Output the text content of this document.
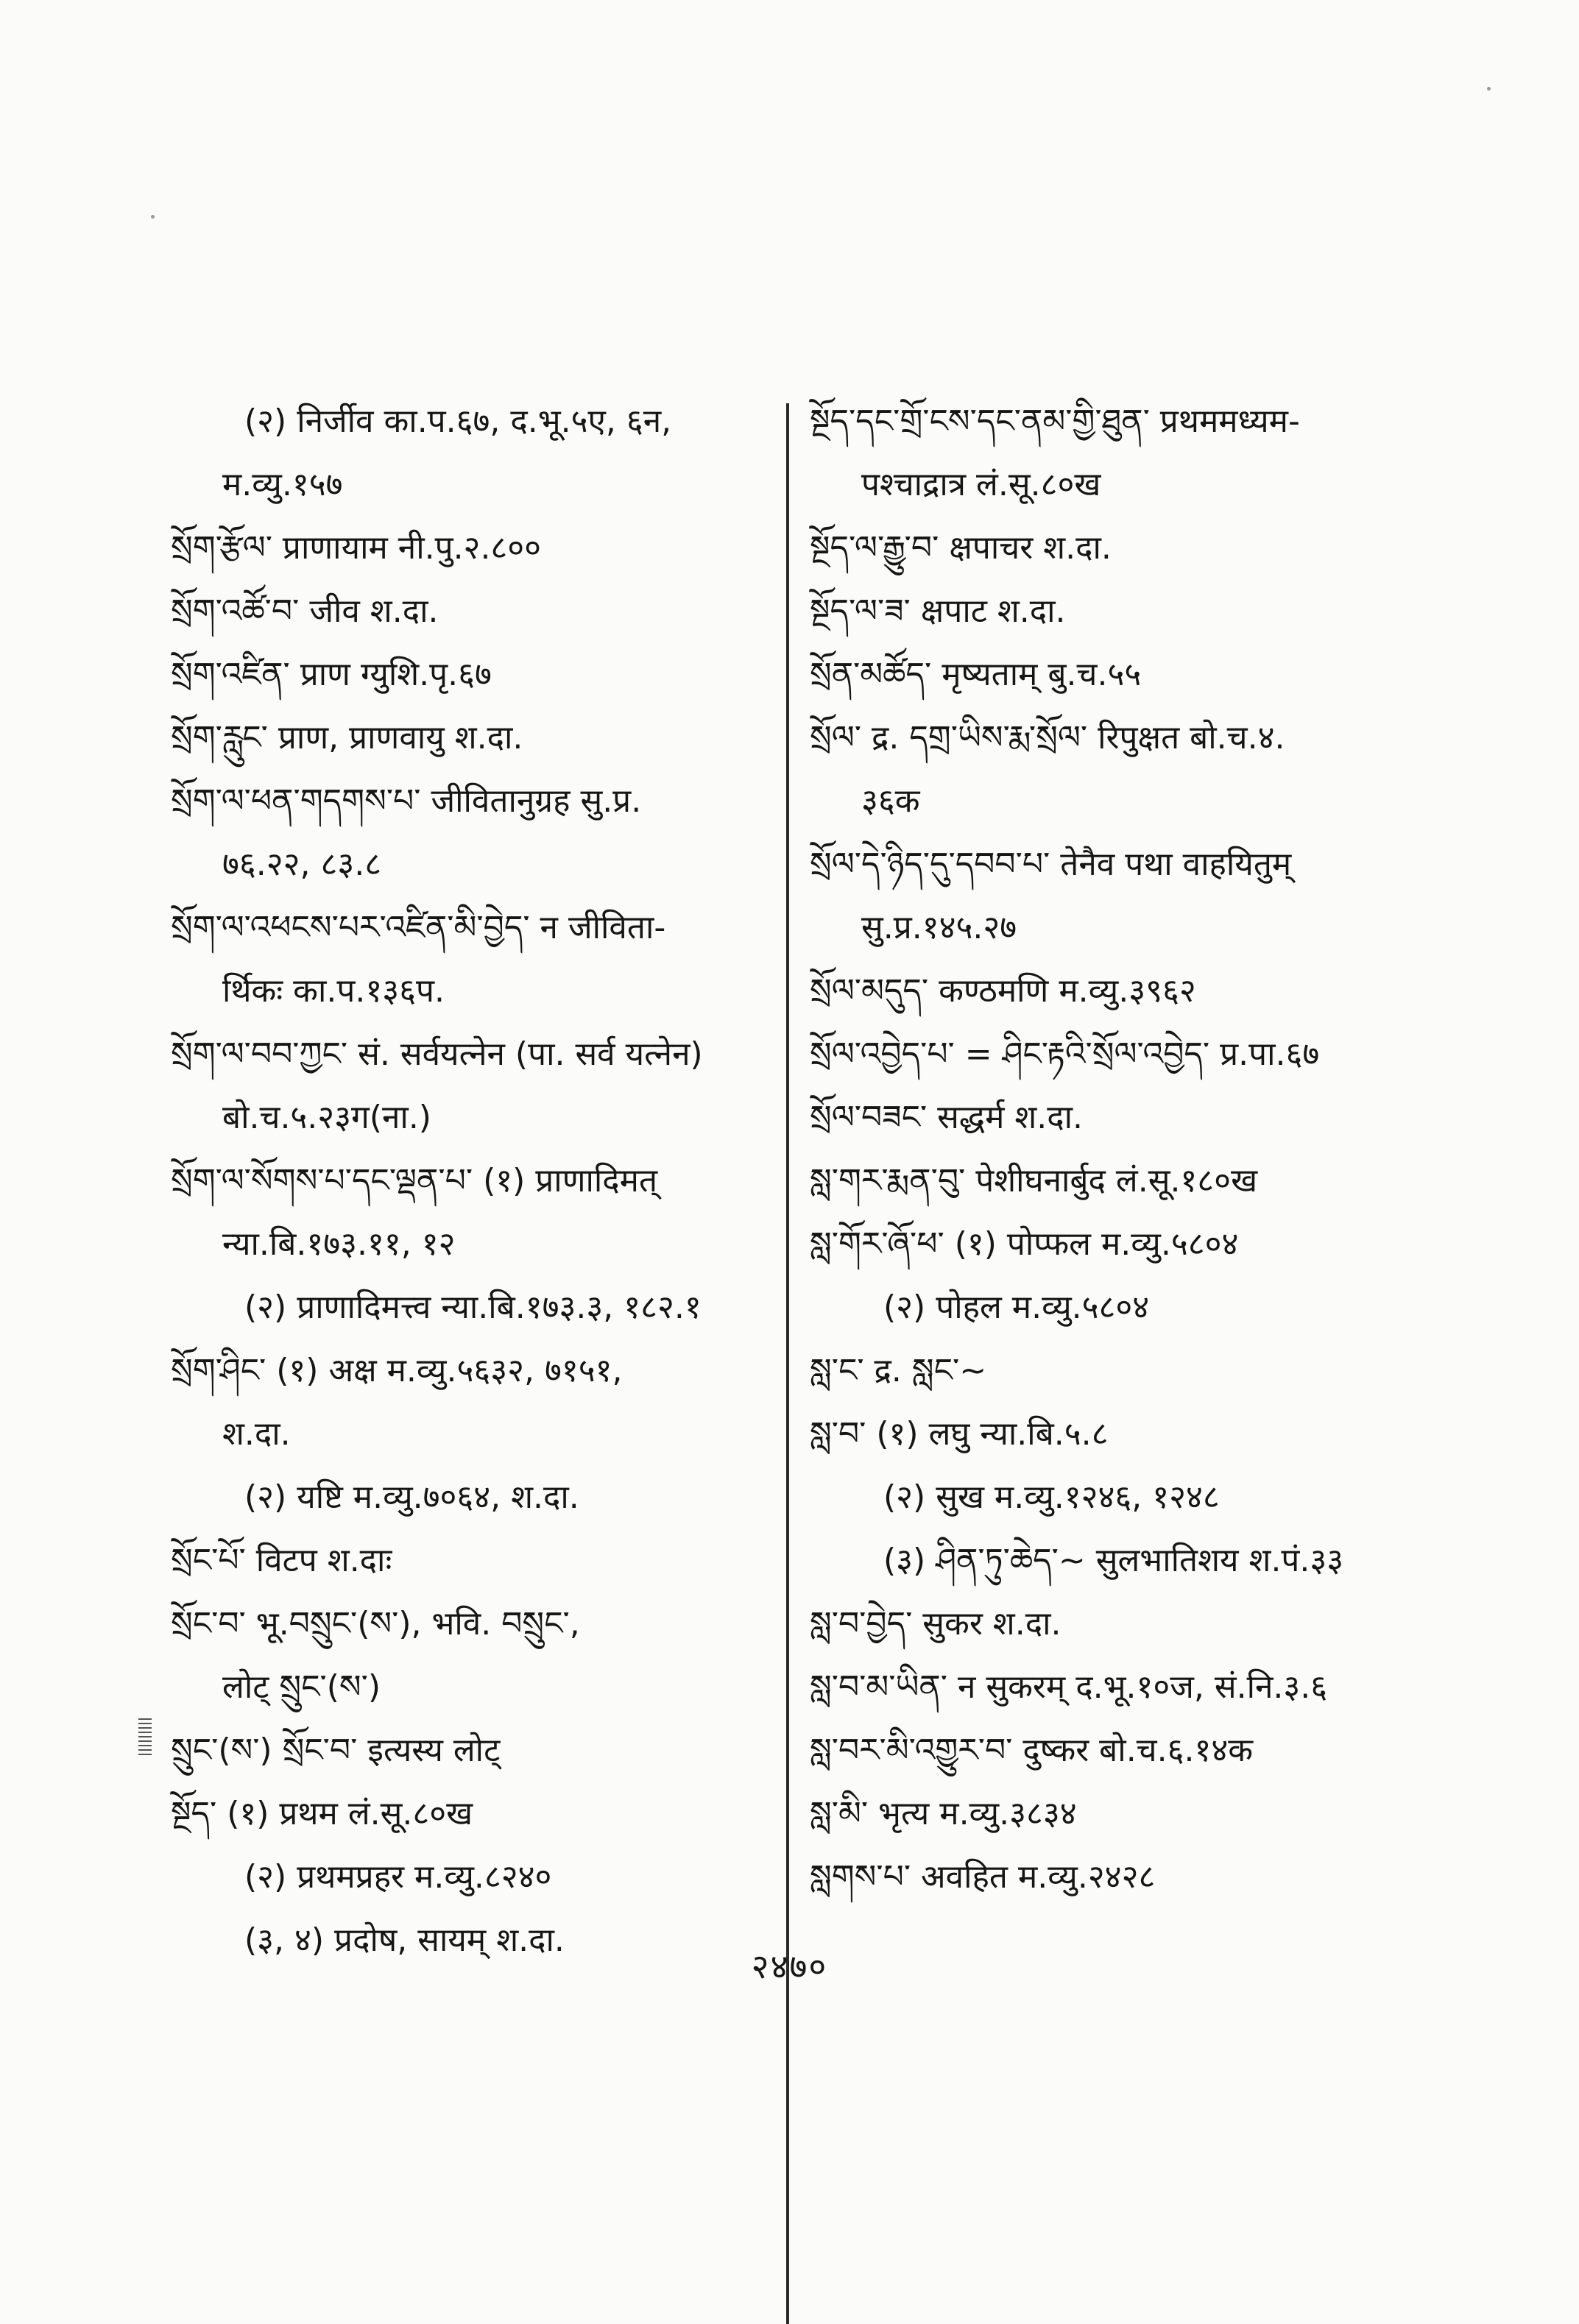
(२) निर्जीव का.प.६७, द.भू.५ए, ६न,
म.व्यु.१५७
སྲོག་རྩོལ་ प्राणायाम नी.पु.२.८००
སྲོག་འཚོ་བ་ जीव श.दा.
སྲོག་འཛིན་ प्राण ग्युशि.पृ.६७
སྲོག་རླུང་ प्राण, प्राणवायु श.दा.
སྲོག་ལ་ཕན་གདགས་པ་ जीवितानुग्रह सु.प्र.
७६.२२, ८३.८
སྲོག་ལ་འཕངས་པར་འཛིན་མི་བྱེད་ न जीविता-
र्थिकः का.प.१३६प.
སྲོག་ལ་བབ་ཀྱང་ सं. सर्वयत्नेन (पा. सर्व यत्नेन)
बो.च.५.२३ग(ना.)
སྲོག་ལ་སོགས་པ་དང་ལྡན་པ་ (१) प्राणादिमत्
न्या.बि.१७३.११, १२
(२) प्राणादिमत्त्व न्या.बि.१७३.३, १८२.१
སྲོག་ཤིང་ (१) अक्ष म.व्यु.५६३२, ७१५१,
श.दा.
(२) यष्टि म.व्यु.७०६४, श.दा.
སྲོང་པོ་ विटप श.दाः
སྲོང་བ་ भू.བསྲུང་(ས་), भवि. བསྲུང་,
लोट् སྲུང་(ས་)
སྲུང་(ས་) སྲོང་བ་ इत्यस्य लोट्
སྔོད་ (१) प्रथम लं.सू.८०ख
(२) प्रथमप्रहर म.व्यु.८२४०
(३, ४) प्रदोष, सायम् श.दा.
སྔོད་དང་གྲོ་ངས་དང་ནམ་གྱི་ཐུན་ प्रथममध्यम-
पश्चाद्रात्र लं.सू.८०ख
སྔོད་ལ་རྒྱུ་བ་ क्षपाचर श.दा.
སྔོད་ལ་ཟ་ क्षपाट श.दा.
སྲོན་མཚོད་ मृष्यताम् बु.च.५५
སྲོལ་ द्र. དགྲ་ཡིས་རྨ་སྲོལ་ रिपुक्षत बो.च.४.
३६क
སྲོལ་དེ་ཉིད་དུ་དབབ་པ་ तेनैव पथा वाहयितुम्
सु.प्र.१४५.२७
སྲོལ་མདུད་ कण्ठमणि म.व्यु.३९६२
སྲོལ་འབྱེད་པ་ = ཤིང་རྟའི་སྲོལ་འབྱེད་ प्र.पा.६७
སྲོལ་བཟང་ सद्धर्म श.दा.
སླ་གར་རྨན་བུ་ पेशीघनार्बुद लं.सू.१८०ख
སླ་གོར་ཞོ་ཕ་ (१) पोप्फल म.व्यु.५८०४
(२) पोहल म.व्यु.५८०४
སླ་ང་ द्र. སླང་~
སླ་བ་ (१) लघु न्या.बि.५.८
(२) सुख म.व्यु.१२४६, १२४८
(३) ཤིན་ཏུ་ཆེད་~ सुलभातिशय श.पं.३३
སླ་བ་བྱེད་ सुकर श.दा.
སླ་བ་མ་ཡིན་ न सुकरम् द.भू.१०ज, सं.नि.३.६
སླ་བར་མི་འགྱུར་བ་ दुष्कर बो.च.६.१४क
སླ་མི་ भृत्य म.व्यु.३८३४
སླགས་པ་ अवहित म.व्यु.२४२८
२४७०
